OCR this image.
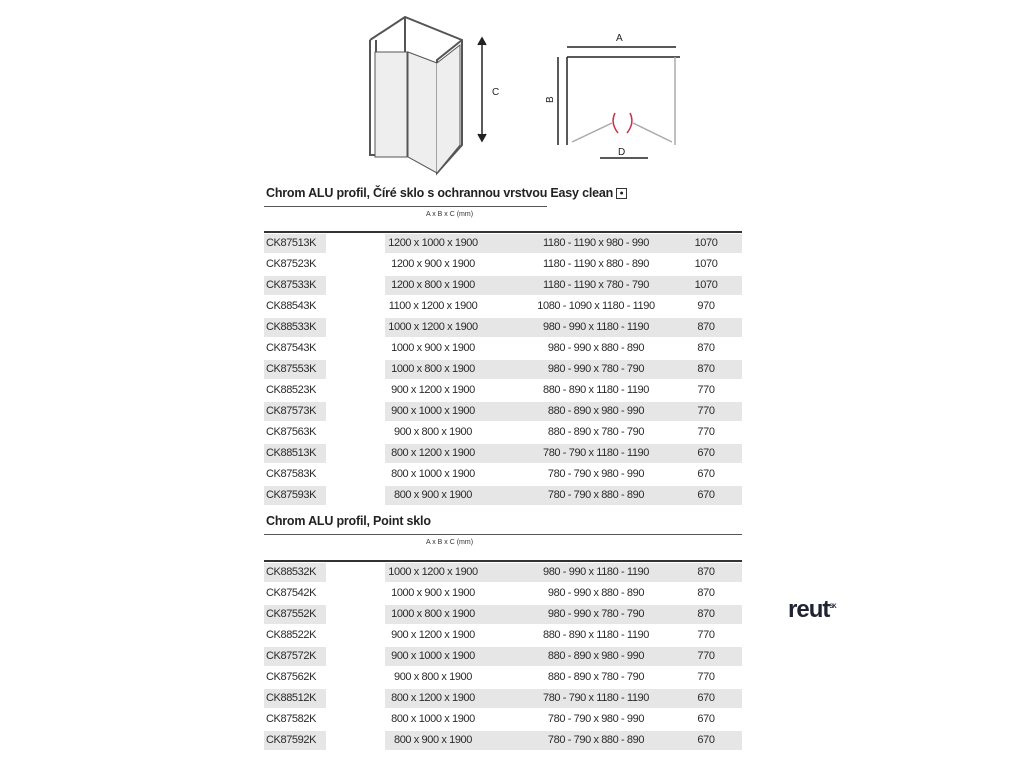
C
A
B
D
Chrom ALU profil, Číré sklo s ochrannou vrstvou Easy clean ●
A x B x C (mm)
CK87513K	1200 x 1000 x 1900	1180 - 1190 x 980 - 990	1070
CK87523K	1200 x 900 x 1900	1180 - 1190 x 880 - 890	1070
CK87533K	1200 x 800 x 1900	1180 - 1190 x 780 - 790	1070
CK88543K	1100 x 1200 x 1900	1080 - 1090 x 1180 - 1190	970
CK88533K	1000 x 1200 x 1900	980 - 990 x 1180 - 1190	870
CK87543K	1000 x 900 x 1900	980 - 990 x 880 - 890	870
CK87553K	1000 x 800 x 1900	980 - 990 x 780 - 790	870
CK88523K	900 x 1200 x 1900	880 - 890 x 1180 - 1190	770
CK87573K	900 x 1000 x 1900	880 - 890 x 980 - 990	770
CK87563K	900 x 800 x 1900	880 - 890 x 780 - 790	770
CK88513K	800 x 1200 x 1900	780 - 790 x 1180 - 1190	670
CK87583K	800 x 1000 x 1900	780 - 790 x 980 - 990	670
CK87593K	800 x 900 x 1900	780 - 790 x 880 - 890	670
Chrom ALU profil, Point sklo
A x B x C (mm)
CK88532K	1000 x 1200 x 1900	980 - 990 x 1180 - 1190	870
CK87542K	1000 x 900 x 1900	980 - 990 x 880 - 890	870
CK87552K	1000 x 800 x 1900	980 - 990 x 780 - 790	870
CK88522K	900 x 1200 x 1900	880 - 890 x 1180 - 1190	770
CK87572K	900 x 1000 x 1900	880 - 890 x 980 - 990	770
CK87562K	900 x 800 x 1900	880 - 890 x 780 - 790	770
CK88512K	800 x 1200 x 1900	780 - 790 x 1180 - 1190	670
CK87582K	800 x 1000 x 1900	780 - 790 x 980 - 990	670
CK87592K	800 x 900 x 1900	780 - 790 x 880 - 890	670
reut$^{SK}$
